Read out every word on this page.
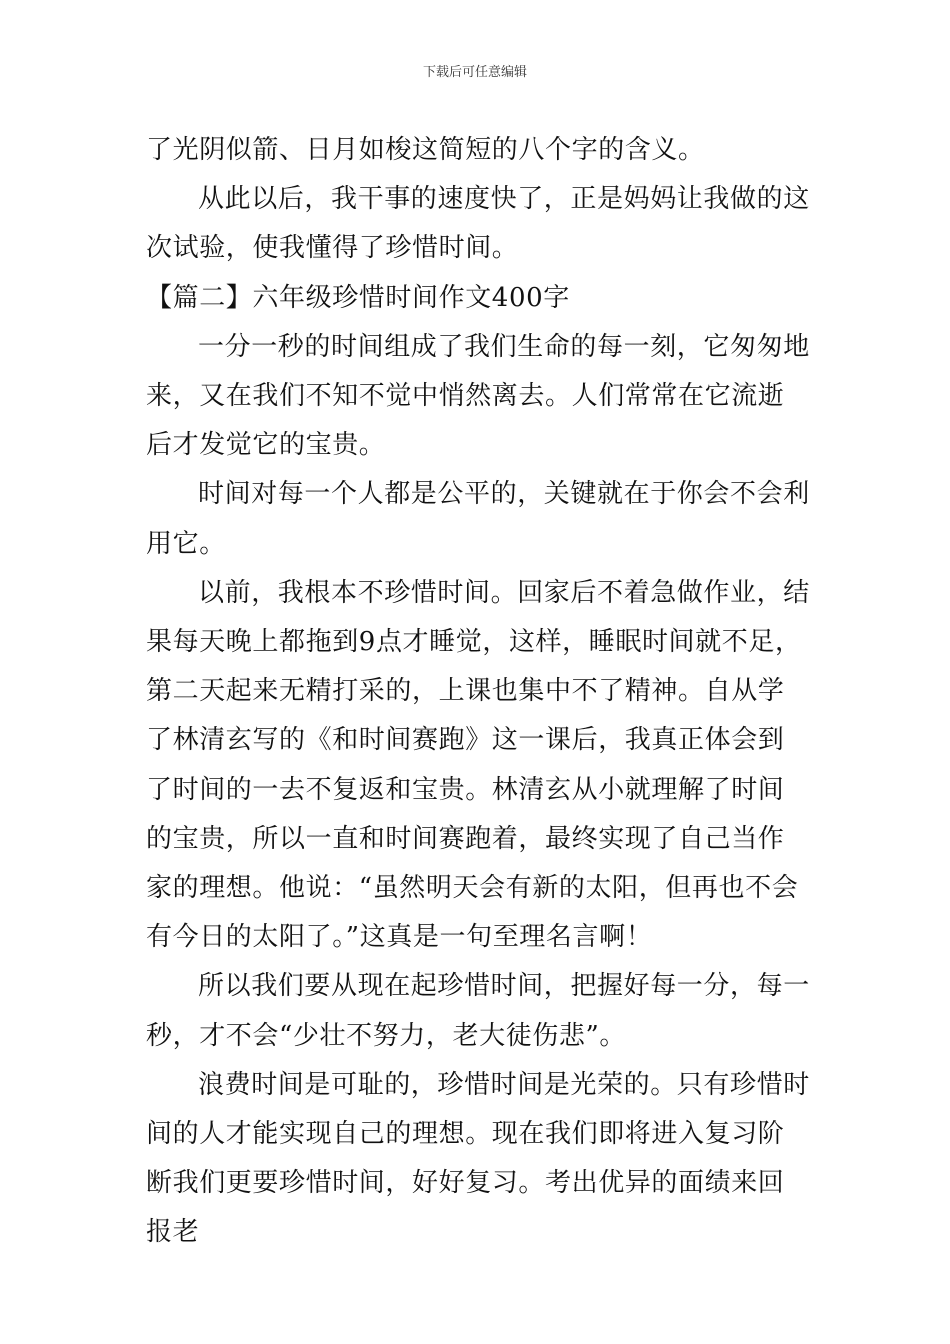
下载后可任意编辑

了光阴似箭、日月如梭这简短的八个字的含义。

从此以后，我干事的速度快了，正是妈妈让我做的这次试验，使我懂得了珍惜时间。

【篇二】六年级珍惜时间作文400字

一分一秒的时间组成了我们生命的每一刻，它匆匆地来，又在我们不知不觉中悄然离去。人们常常在它流逝后才发觉它的宝贵。

时间对每一个人都是公平的，关键就在于你会不会利用它。

以前，我根本不珍惜时间。回家后不着急做作业，结果每天晚上都拖到9点才睡觉，这样，睡眠时间就不足，第二天起来无精打采的，上课也集中不了精神。自从学了林清玄写的《和时间赛跑》这一课后，我真正体会到了时间的一去不复返和宝贵。林清玄从小就理解了时间的宝贵，所以一直和时间赛跑着，最终实现了自己当作家的理想。他说：“虽然明天会有新的太阳，但再也不会有今日的太阳了。”这真是一句至理名言啊！

所以我们要从现在起珍惜时间，把握好每一分，每一秒，才不会“少壮不努力，老大徒伤悲”。

浪费时间是可耻的，珍惜时间是光荣的。只有珍惜时间的人才能实现自己的理想。现在我们即将进入复习阶断我们更要珍惜时间，好好复习。考出优异的面绩来回报老
